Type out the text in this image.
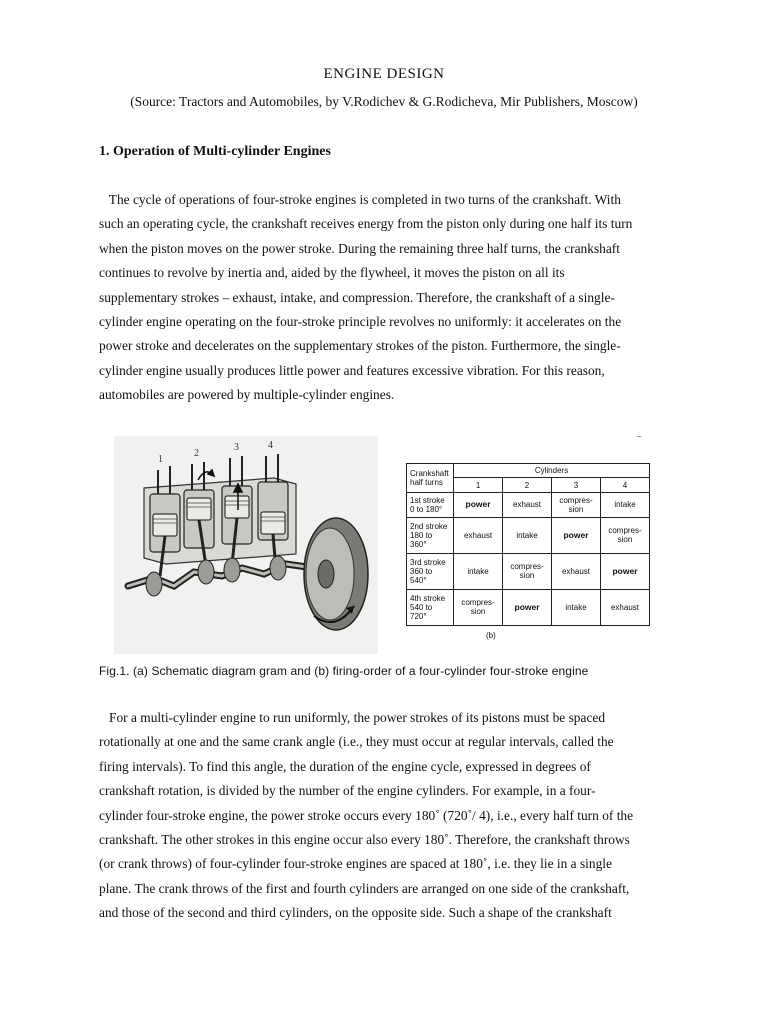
ENGINE DESIGN
(Source: Tractors and Automobiles, by V.Rodichev & G.Rodicheva, Mir Publishers, Moscow)
1. Operation of Multi-cylinder Engines

The cycle of operations of four-stroke engines is completed in two turns of the crankshaft. With
such an operating cycle, the crankshaft receives energy from the piston only during one half its turn
when the piston moves on the power stroke. During the remaining three half turns, the crankshaft
continues to revolve by inertia and, aided by the flywheel, it moves the piston on all its
supplementary strokes – exhaust, intake, and compression. Therefore, the crankshaft of a single-
cylinder engine operating on the four-stroke principle revolves no uniformly: it accelerates on the
power stroke and decelerates on the supplementary strokes of the piston. Furthermore, the single-
cylinder engine usually produces little power and features excessive vibration. For this reason,
automobiles are powered by multiple-cylinder engines.

1
2
3	4
Crankshaft
half turns	Cylinders			
	1	2	3	4
1st stroke
0 to 180°	power	exhaust	compres-sion	intake
2nd stroke
180 to 360°	exhaust	intake	power	compres-sion
3rd stroke
360 to 540°	intake	compres-sion	exhaust	power
4th stroke
540 to 720°	compres-sion	power	intake	exhaust
(b)
Fig.1. (a) Schematic diagram gram and (b) firing-order of a four-cylinder four-stroke engine

For a multi-cylinder engine to run uniformly, the power strokes of its pistons must be spaced
rotationally at one and the same crank angle (i.e., they must occur at regular intervals, called the
firing intervals). To find this angle, the duration of the engine cycle, expressed in degrees of
crankshaft rotation, is divided by the number of the engine cylinders. For example, in a four-
cylinder four-stroke engine, the power stroke occurs every 180˚ (720˚/ 4), i.e., every half turn of the
crankshaft. The other strokes in this engine occur also every 180˚. Therefore, the crankshaft throws
(or crank throws) of four-cylinder four-stroke engines are spaced at 180˚, i.e. they lie in a single
plane. The crank throws of the first and fourth cylinders are arranged on one side of the crankshaft,
and those of the second and third cylinders, on the opposite side. Such a shape of the crankshaft
